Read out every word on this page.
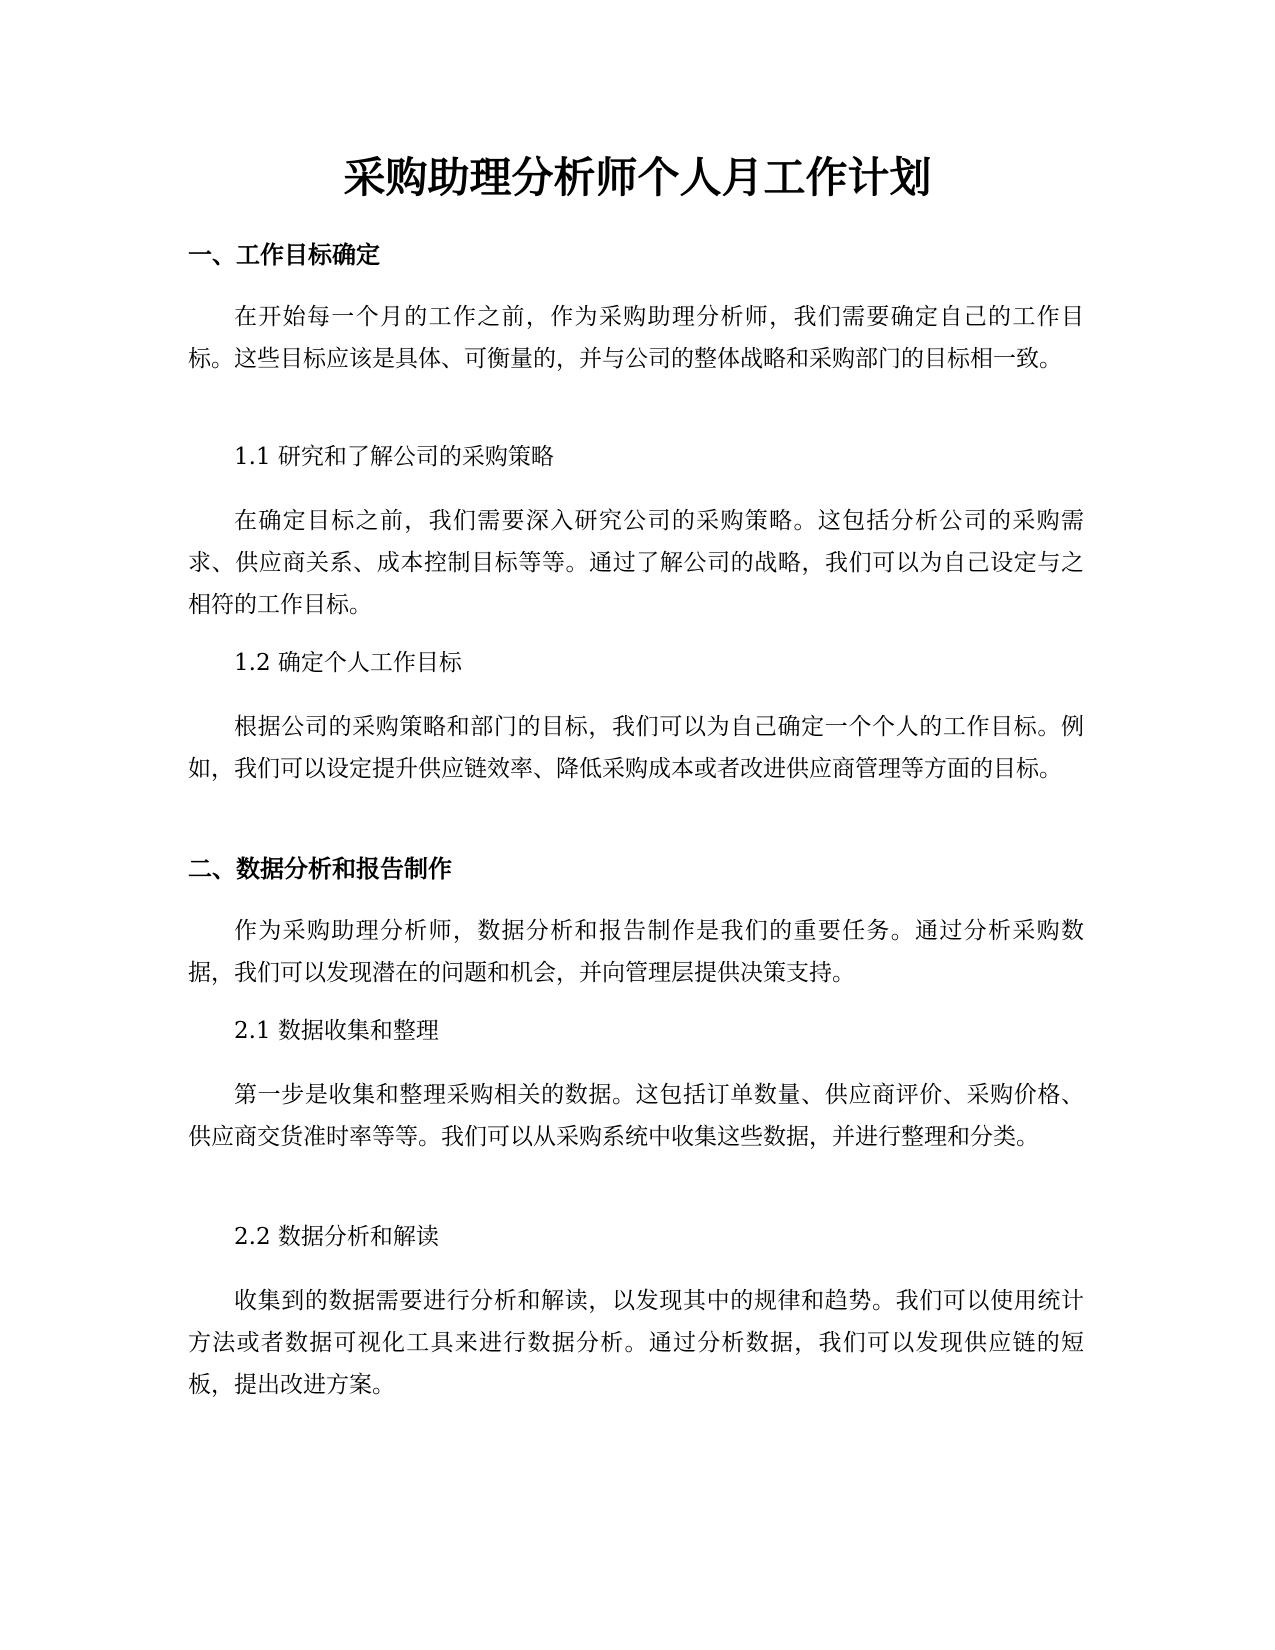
采购助理分析师个人月工作计划
一、工作目标确定

在开始每一个月的工作之前，作为采购助理分析师，我们需要确定自己的工作目标。这些目标应该是具体、可衡量的，并与公司的整体战略和采购部门的目标相一致。

1.1 研究和了解公司的采购策略

在确定目标之前，我们需要深入研究公司的采购策略。这包括分析公司的采购需求、供应商关系、成本控制目标等等。通过了解公司的战略，我们可以为自己设定与之相符的工作目标。

1.2 确定个人工作目标

根据公司的采购策略和部门的目标，我们可以为自己确定一个个人的工作目标。例如，我们可以设定提升供应链效率、降低采购成本或者改进供应商管理等方面的目标。

二、数据分析和报告制作

作为采购助理分析师，数据分析和报告制作是我们的重要任务。通过分析采购数据，我们可以发现潜在的问题和机会，并向管理层提供决策支持。

2.1 数据收集和整理

第一步是收集和整理采购相关的数据。这包括订单数量、供应商评价、采购价格、供应商交货准时率等等。我们可以从采购系统中收集这些数据，并进行整理和分类。

2.2 数据分析和解读

收集到的数据需要进行分析和解读，以发现其中的规律和趋势。我们可以使用统计方法或者数据可视化工具来进行数据分析。通过分析数据，我们可以发现供应链的短板，提出改进方案。
